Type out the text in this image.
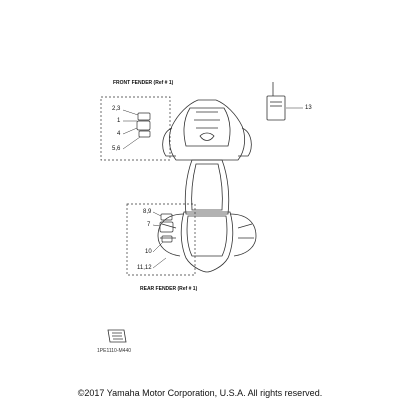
FRONT FENDER (Ref # 1)
REAR FENDER (Ref # 1)
2,3
1
4
5,6
8,9
7
10
11,12
13
1PE1110-M440
©2017 Yamaha Motor Corporation, U.S.A. All rights reserved.
